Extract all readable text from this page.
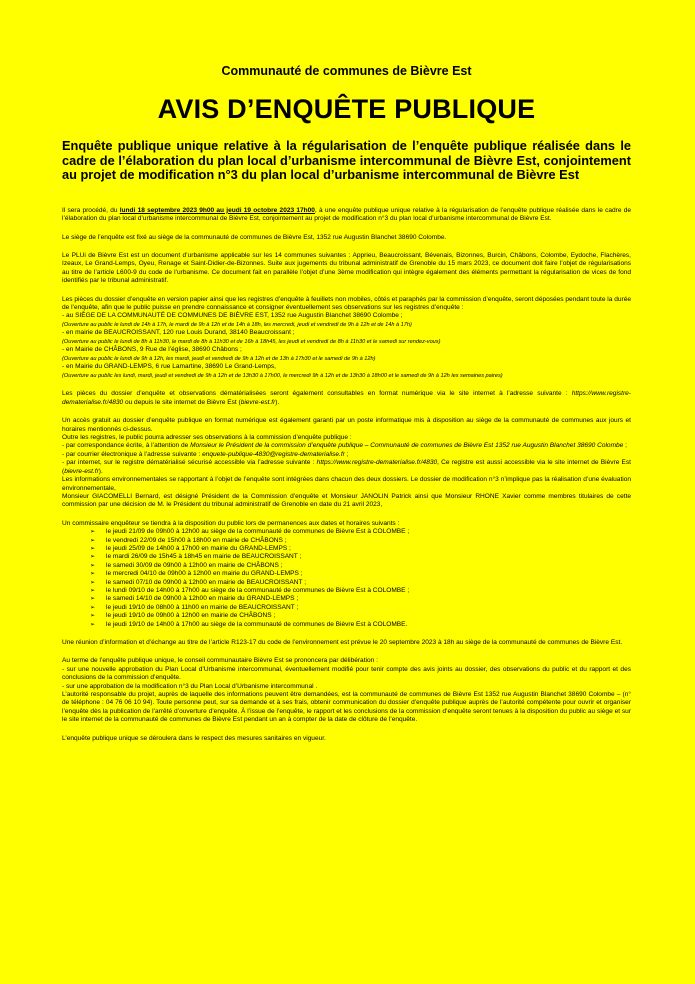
Communauté de communes de Bièvre Est
AVIS D’ENQUÊTE PUBLIQUE
Enquête publique unique relative à la régularisation de l’enquête publique réalisée dans le cadre de l’élaboration du plan local d’urbanisme intercommunal de Bièvre Est, conjointement au projet de modification n°3 du plan local d’urbanisme intercommunal de Bièvre Est

Il sera procédé, du lundi 18 septembre 2023 9h00 au jeudi 19 octobre 2023 17h00, à une enquête publique unique relative à la régularisation de l’enquête publique réalisée dans le cadre de l’élaboration du plan local d’urbanisme intercommunal de Bièvre Est, conjointement au projet de modification n°3 du plan local d’urbanisme intercommunal de Bièvre Est.

Le siège de l’enquête est fixé au siège de la communauté de communes de Bièvre Est, 1352 rue Augustin Blanchet 38690 Colombe.

Le PLUi de Bièvre Est est un document d’urbanisme applicable sur les 14 communes suivantes : Apprieu, Beaucroissant, Bévenais, Bizonnes, Burcin, Châbons, Colombe, Eydoche, Flachères, Izeaux, Le Grand-Lemps, Oyeu, Renage et Saint-Didier-de-Bizonnes. Suite aux jugements du tribunal administratif de Grenoble du 15 mars 2023, ce document doit faire l’objet de régularisations au titre de l’article L600-9 du code de l’urbanisme. Ce document fait en parallèle l’objet d’une 3ème modification qui intègre également des éléments permettant la régularisation de vices de fond identifiés par le tribunal administratif.

Les pièces du dossier d’enquête en version papier ainsi que les registres d’enquête à feuillets non mobiles, côtés et paraphés par la commission d’enquête, seront déposées pendant toute la durée de l’enquête, afin que le public puisse en prendre connaissance et consigner éventuellement ses observations sur les registres d’enquête :
- au SIÈGE DE LA COMMUNAUTÉ DE COMMUNES DE BIÈVRE EST, 1352 rue Augustin Blanchet 38690 Colombe ;
(Ouverture au public le lundi de 14h à 17h, le mardi de 9h à 12h et de 14h à 18h, les mercredi, jeudi et vendredi de 9h à 12h et de 14h à 17h)
- en mairie de BEAUCROISSANT, 120 rue Louis Durand, 38140 Beaucroissant ;
(Ouverture au public le lundi de 8h à 11h30, le mardi de 8h à 11h30 et de 16h à 18h45, les jeudi et vendredi de 8h à 11h30 et le samedi sur rendez-vous)
- en Mairie de CHÂBONS, 9 Rue de l’église, 38690 Châbons ;
(Ouverture au public le lundi de 9h à 12h, les mardi, jeudi et vendredi de 9h à 12h et de 13h à 17h30 et le samedi de 9h à 12h)
- en Mairie du GRAND-LEMPS, 6 rue Lamartine, 38690 Le Grand-Lemps,
(Ouverture au public les lundi, mardi, jeudi et vendredi de 9h à 12h et de 13h30 à 17h00, le mercredi 9h à 12h et de 13h30 à 18h00 et le samedi de 9h à 12h les semaines paires)

Les pièces du dossier d’enquête et observations dématérialisées seront également consultables en format numérique via le site internet à l’adresse suivante : https://www.registre-dematerialise.fr/4830 ou depuis le site internet de Bièvre Est (bievre-est.fr).

Un accès gratuit au dossier d’enquête publique en format numérique est également garanti par un poste informatique mis à disposition au siège de la communauté de communes aux jours et horaires mentionnés ci-dessus.
Outre les registres, le public pourra adresser ses observations à la commission d’enquête publique :
- par correspondance écrite, à l’attention de Monsieur le Président de la commission d’enquête publique – Communauté de communes de Bièvre Est 1352 rue Augustin Blanchet 38690 Colombe ;
- par courrier électronique à l’adresse suivante : enquete-publique-4830@registre-dematerialise.fr ;
- par internet, sur le registre dématérialisé sécurisé accessible via l’adresse suivante : https://www.registre-dematerialise.fr/4830, Ce registre est aussi accessible via le site internet de Bièvre Est (bievre-est.fr).
Les informations environnementales se rapportant à l’objet de l’enquête sont intégrées dans chacun des deux dossiers. Le dossier de modification n°3 n’implique pas la réalisation d’une évaluation environnementale,
Monsieur GIACOMELLI Bernard, est désigné Président de la Commission d’enquête et Monsieur JANOLIN Patrick ainsi que Monsieur RHONE Xavier comme membres titulaires de cette commission par une décision de M. le Président du tribunal administratif de Grenoble en date du 21 avril 2023,

Un commissaire enquêteur se tiendra à la disposition du public lors de permanences aux dates et horaires suivants :
➢ le jeudi 21/09 de 09h00 à 12h00 au siège de la communauté de communes de Bièvre Est à COLOMBE ;
➢ le vendredi 22/09 de 15h00 à 18h00 en mairie de CHÂBONS ;
➢ le jeudi 25/09 de 14h00 à 17h00 en mairie du GRAND-LEMPS ;
➢ le mardi 26/09 de 15h45 à 18h45 en mairie de BEAUCROISSANT ;
➢ le samedi 30/09 de 09h00 à 12h00 en mairie de CHÂBONS ;
➢ le mercredi 04/10 de 09h00 à 12h00 en mairie du GRAND-LEMPS ;
➢ le samedi 07/10 de 09h00 à 12h00 en mairie de BEAUCROISSANT ;
➢ le lundi 09/10 de 14h00 à 17h00 au siège de la communauté de communes de Bièvre Est à COLOMBE ;
➢ le samedi 14/10 de 09h00 à 12h00 en mairie du GRAND-LEMPS ;
➢ le jeudi 19/10 de 08h00 à 11h00 en mairie de BEAUCROISSANT ;
➢ le jeudi 19/10 de 09h00 à 12h00 en mairie de CHÂBONS ;
➢ le jeudi 19/10 de 14h00 à 17h00 au siège de la communauté de communes de Bièvre Est à COLOMBE.

Une réunion d’information et d’échange au titre de l’article R123-17 du code de l’environnement est prévue le 20 septembre 2023 à 18h au siège de la communauté de communes de Bièvre Est.

Au terme de l’enquête publique unique, le conseil communautaire Bièvre Est se prononcera par délibération :
- sur une nouvelle approbation du Plan Local d’Urbanisme intercommunal, éventuellement modifié pour tenir compte des avis joints au dossier, des observations du public et du rapport et des conclusions de la commission d’enquête.
- sur une approbation de la modification n°3 du Plan Local d’Urbanisme intercommunal .
L’autorité responsable du projet, auprès de laquelle des informations peuvent être demandées, est la communauté de communes de Bièvre Est 1352 rue Augustin Blanchet 38690 Colombe – (n° de téléphone : 04 76 06 10 94). Toute personne peut, sur sa demande et à ses frais, obtenir communication du dossier d’enquête publique auprès de l’autorité compétente pour ouvrir et organiser l’enquête dès la publication de l’arrêté d’ouverture d’enquête. À l’issue de l’enquête, le rapport et les conclusions de la commission d’enquête seront tenues à la disposition du public au siège et sur le site internet de la communauté de communes de Bièvre Est pendant un an à compter de la date de clôture de l’enquête.

L’enquête publique unique se déroulera dans le respect des mesures sanitaires en vigueur.
